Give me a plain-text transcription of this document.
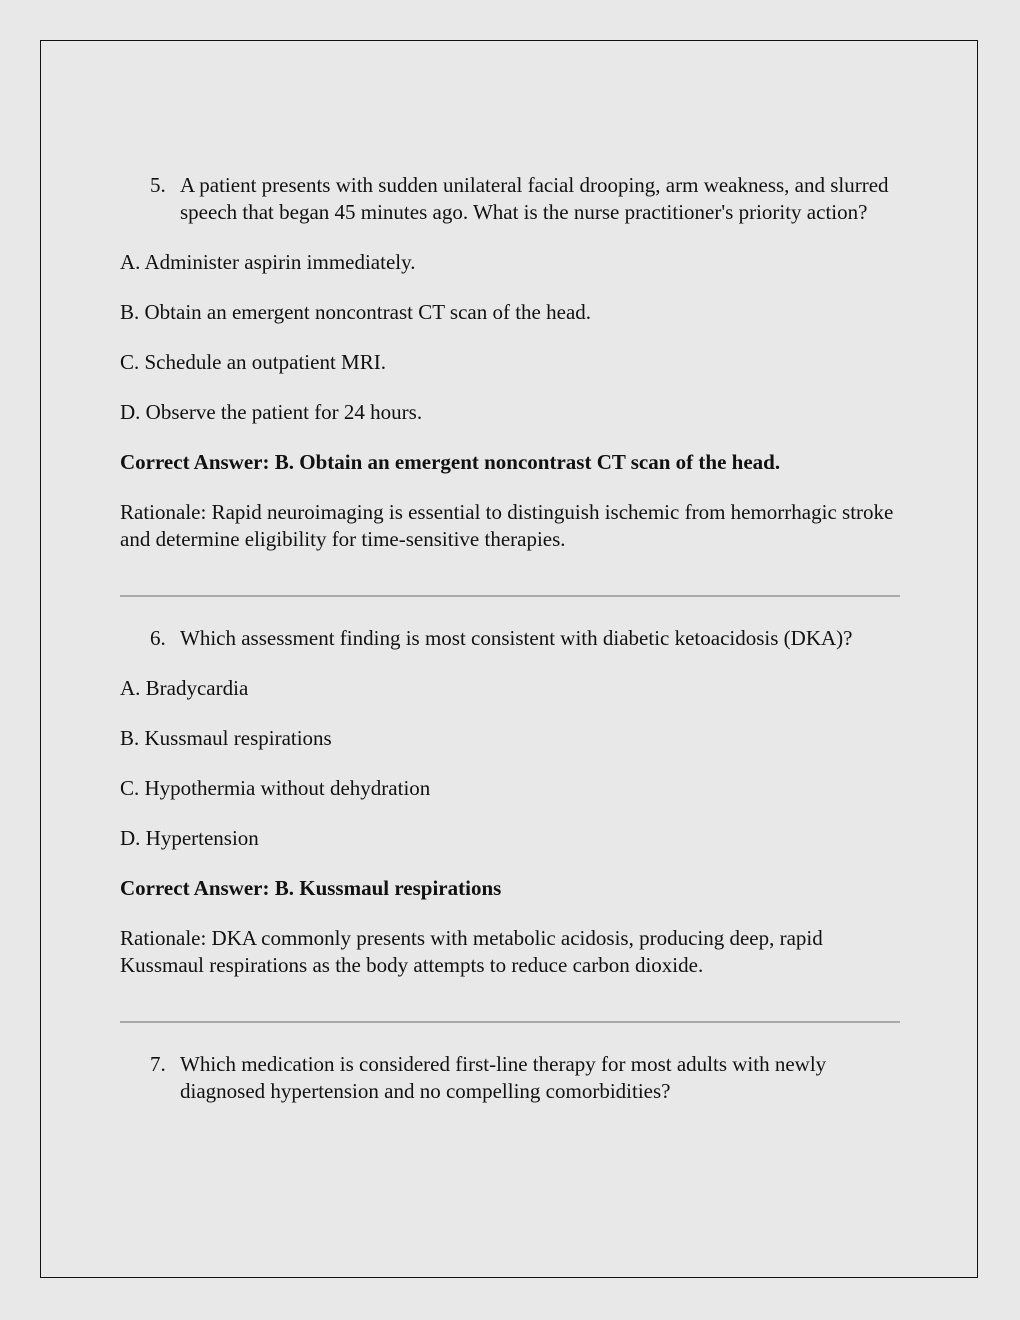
5. A patient presents with sudden unilateral facial drooping, arm weakness, and slurred speech that began 45 minutes ago. What is the nurse practitioner's priority action?

A. Administer aspirin immediately.

B. Obtain an emergent noncontrast CT scan of the head.

C. Schedule an outpatient MRI.

D. Observe the patient for 24 hours.

Correct Answer: B. Obtain an emergent noncontrast CT scan of the head.

Rationale: Rapid neuroimaging is essential to distinguish ischemic from hemorrhagic stroke and determine eligibility for time-sensitive therapies.

6. Which assessment finding is most consistent with diabetic ketoacidosis (DKA)?

A. Bradycardia

B. Kussmaul respirations

C. Hypothermia without dehydration

D. Hypertension

Correct Answer: B. Kussmaul respirations

Rationale: DKA commonly presents with metabolic acidosis, producing deep, rapid Kussmaul respirations as the body attempts to reduce carbon dioxide.

7. Which medication is considered first-line therapy for most adults with newly diagnosed hypertension and no compelling comorbidities?
